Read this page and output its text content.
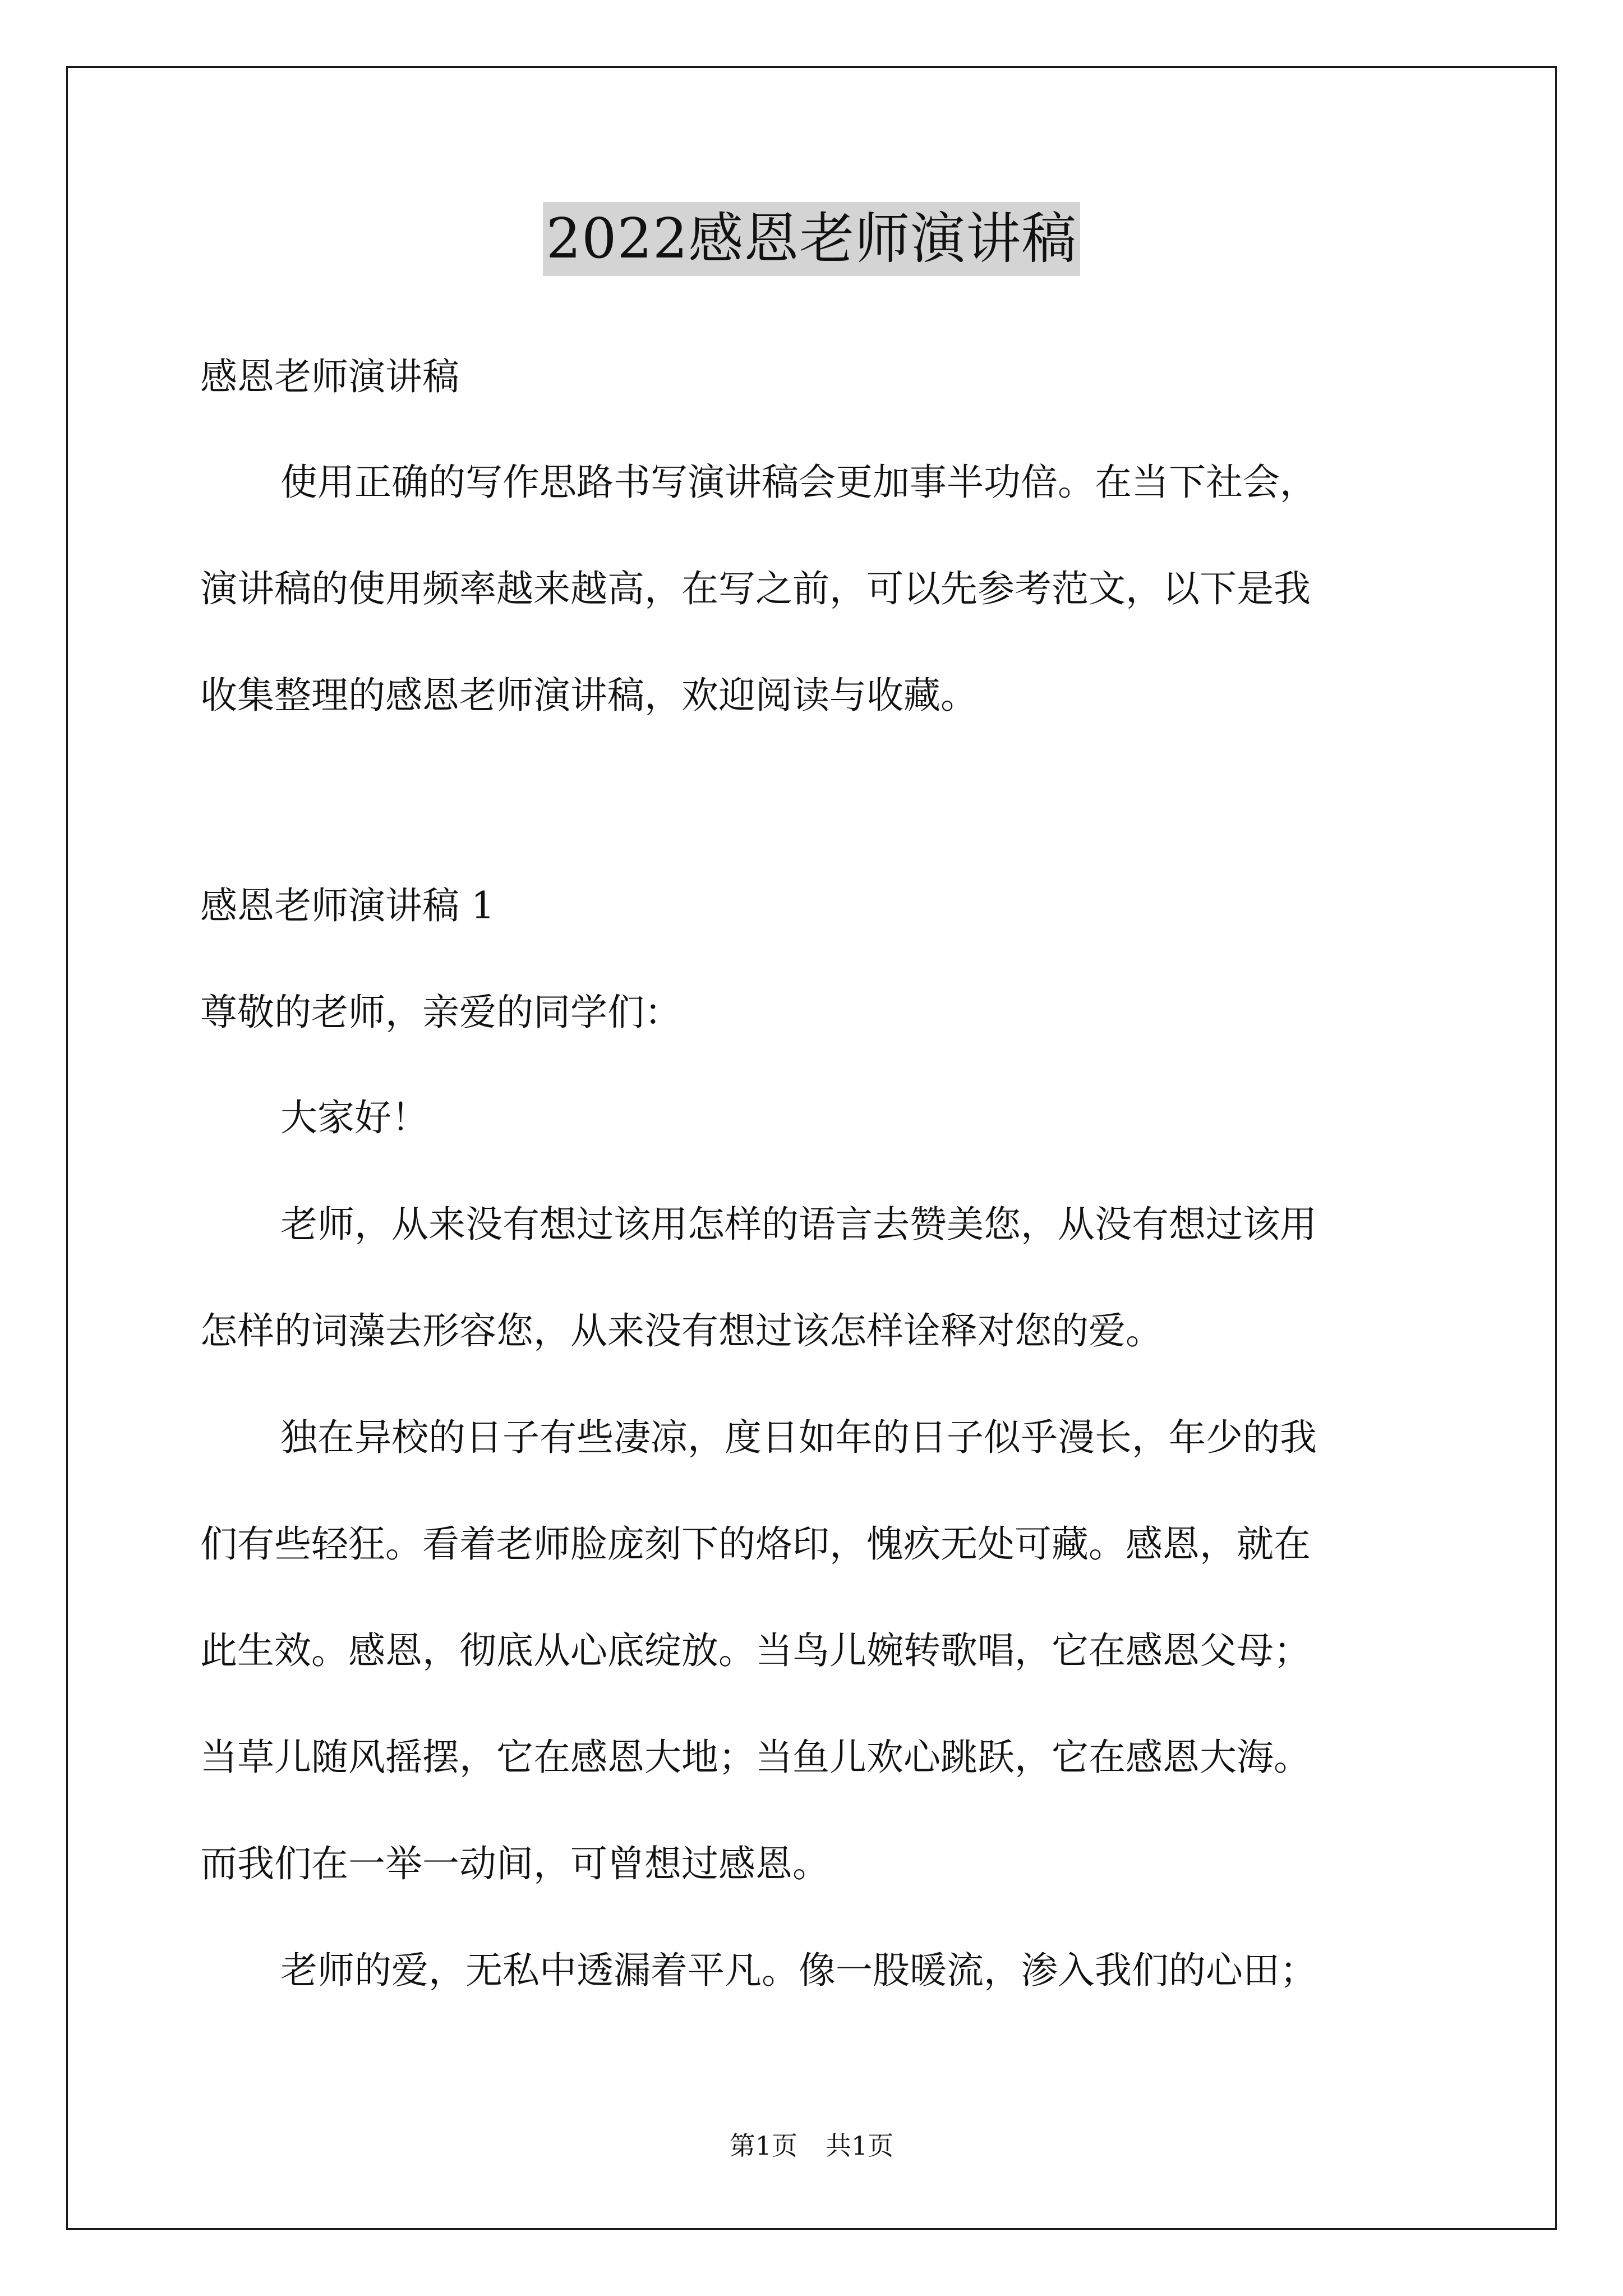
2022感恩老师演讲稿
感恩老师演讲稿
使用正确的写作思路书写演讲稿会更加事半功倍。在当下社会，
演讲稿的使用频率越来越高，在写之前，可以先参考范文，以下是我
收集整理的感恩老师演讲稿，欢迎阅读与收藏。
感恩老师演讲稿 1
尊敬的老师，亲爱的同学们：
大家好！
老师，从来没有想过该用怎样的语言去赞美您，从没有想过该用
怎样的词藻去形容您，从来没有想过该怎样诠释对您的爱。
独在异校的日子有些凄凉，度日如年的日子似乎漫长，年少的我
们有些轻狂。看着老师脸庞刻下的烙印，愧疚无处可藏。感恩，就在
此生效。感恩，彻底从心底绽放。当鸟儿婉转歌唱，它在感恩父母；
当草儿随风摇摆，它在感恩大地；当鱼儿欢心跳跃，它在感恩大海。
而我们在一举一动间，可曾想过感恩。
老师的爱，无私中透漏着平凡。像一股暖流，渗入我们的心田；
第1页 共1页
